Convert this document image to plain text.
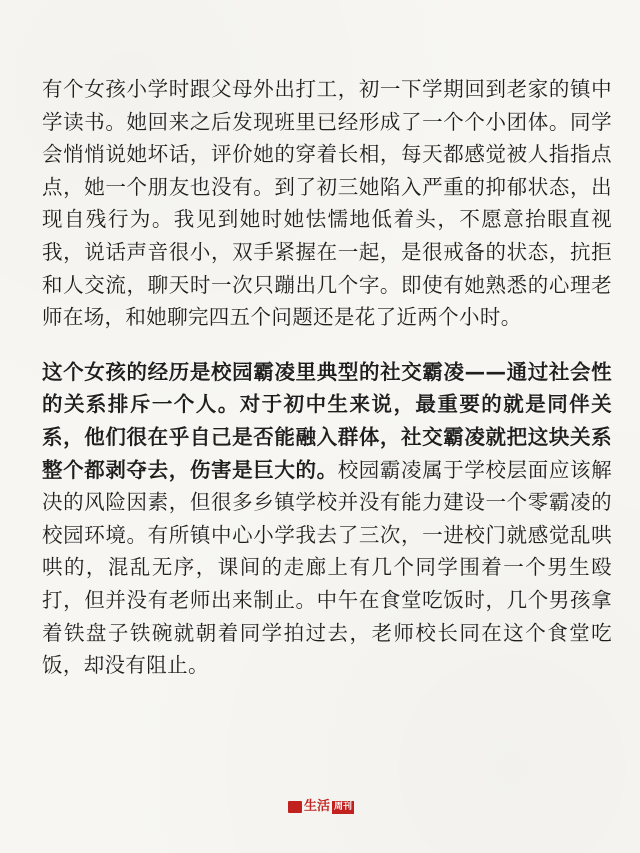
有个女孩小学时跟父母外出打工，初一下学期回到老家的镇中学读书。她回来之后发现班里已经形成了一个个小团体。同学会悄悄说她坏话，评价她的穿着长相，每天都感觉被人指指点点，她一个朋友也没有。到了初三她陷入严重的抑郁状态，出现自残行为。我见到她时她怯懦地低着头，不愿意抬眼直视我，说话声音很小，双手紧握在一起，是很戒备的状态，抗拒和人交流，聊天时一次只蹦出几个字。即使有她熟悉的心理老师在场，和她聊完四五个问题还是花了近两个小时。

这个女孩的经历是校园霸凌里典型的社交霸凌——通过社会性的关系排斥一个人。对于初中生来说，最重要的就是同伴关系，他们很在乎自己是否能融入群体，社交霸凌就把这块关系整个都剥夺去，伤害是巨大的。校园霸凌属于学校层面应该解决的风险因素，但很多乡镇学校并没有能力建设一个零霸凌的校园环境。有所镇中心小学我去了三次，一进校门就感觉乱哄哄的，混乱无序，课间的走廊上有几个同学围着一个男生殴打，但并没有老师出来制止。中午在食堂吃饭时，几个男孩拿着铁盘子铁碗就朝着同学拍过去，老师校长同在这个食堂吃饭，却没有阻止。

生活 周刊
